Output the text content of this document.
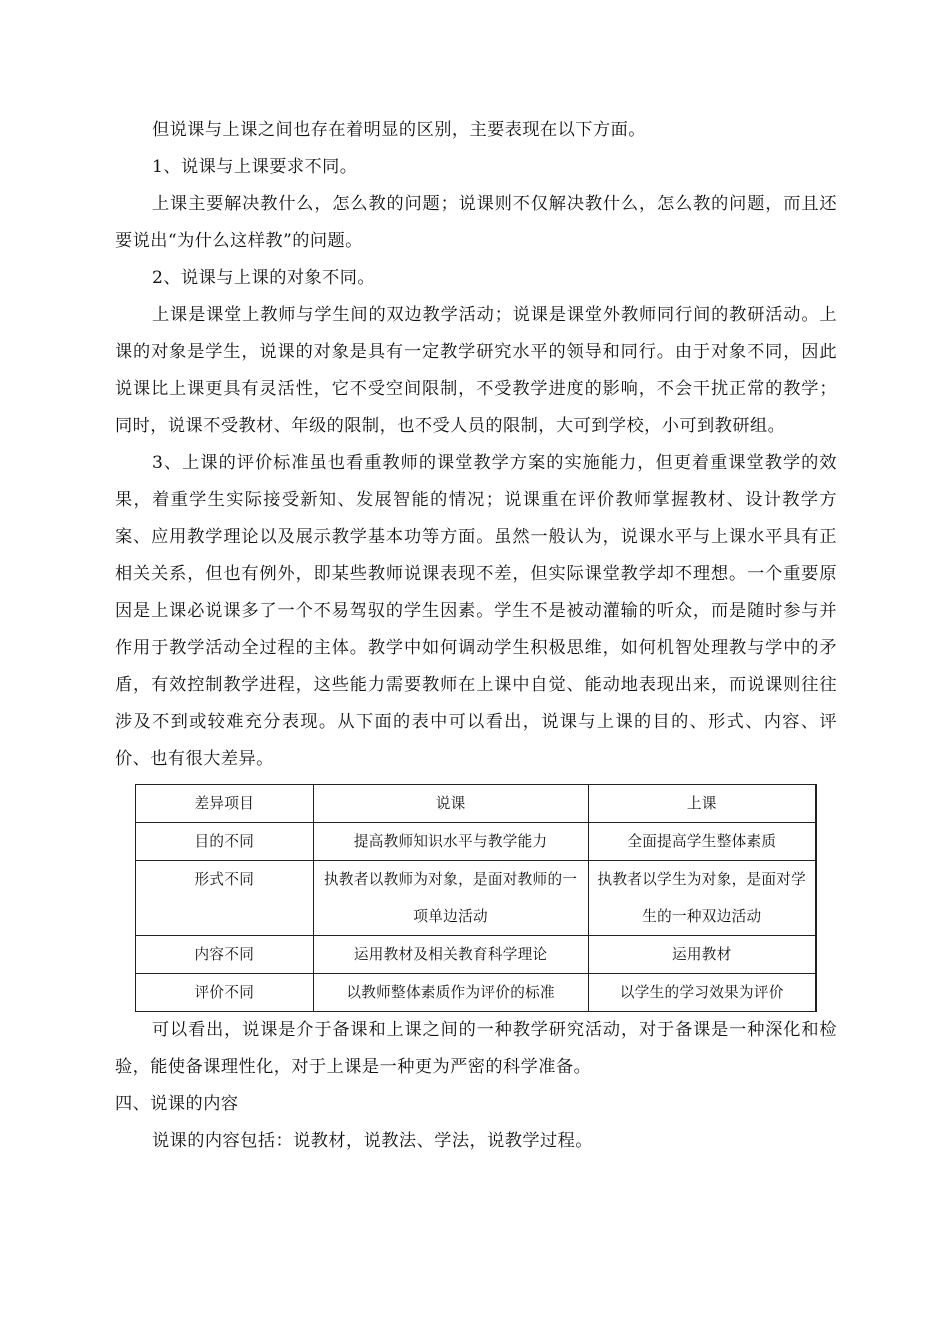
但说课与上课之间也存在着明显的区别，主要表现在以下方面。

1、说课与上课要求不同。

上课主要解决教什么，怎么教的问题；说课则不仅解决教什么，怎么教的问题，而且还要说出“为什么这样教”的问题。

2、说课与上课的对象不同。

上课是课堂上教师与学生间的双边教学活动；说课是课堂外教师同行间的教研活动。上课的对象是学生，说课的对象是具有一定教学研究水平的领导和同行。由于对象不同，因此说课比上课更具有灵活性，它不受空间限制，不受教学进度的影响，不会干扰正常的教学；同时，说课不受教材、年级的限制，也不受人员的限制，大可到学校，小可到教研组。

3、上课的评价标准虽也看重教师的课堂教学方案的实施能力，但更着重课堂教学的效果，着重学生实际接受新知、发展智能的情况；说课重在评价教师掌握教材、设计教学方案、应用教学理论以及展示教学基本功等方面。虽然一般认为，说课水平与上课水平具有正相关关系，但也有例外，即某些教师说课表现不差，但实际课堂教学却不理想。一个重要原因是上课必说课多了一个不易驾驭的学生因素。学生不是被动灌输的听众，而是随时参与并作用于教学活动全过程的主体。教学中如何调动学生积极思维，如何机智处理教与学中的矛盾，有效控制教学进程，这些能力需要教师在上课中自觉、能动地表现出来，而说课则往往涉及不到或较难充分表现。从下面的表中可以看出，说课与上课的目的、形式、内容、评价、也有很大差异。

差异项目	说课	上课
目的不同	提高教师知识水平与教学能力	全面提高学生整体素质
形式不同	执教者以教师为对象，是面对教师的一项单边活动	执教者以学生为对象，是面对学生的一种双边活动
内容不同	运用教材及相关教育科学理论	运用教材
评价不同	以教师整体素质作为评价的标准	以学生的学习效果为评价

可以看出，说课是介于备课和上课之间的一种教学研究活动，对于备课是一种深化和检验，能使备课理性化，对于上课是一种更为严密的科学准备。

四、说课的内容

说课的内容包括：说教材，说教法、学法，说教学过程。
